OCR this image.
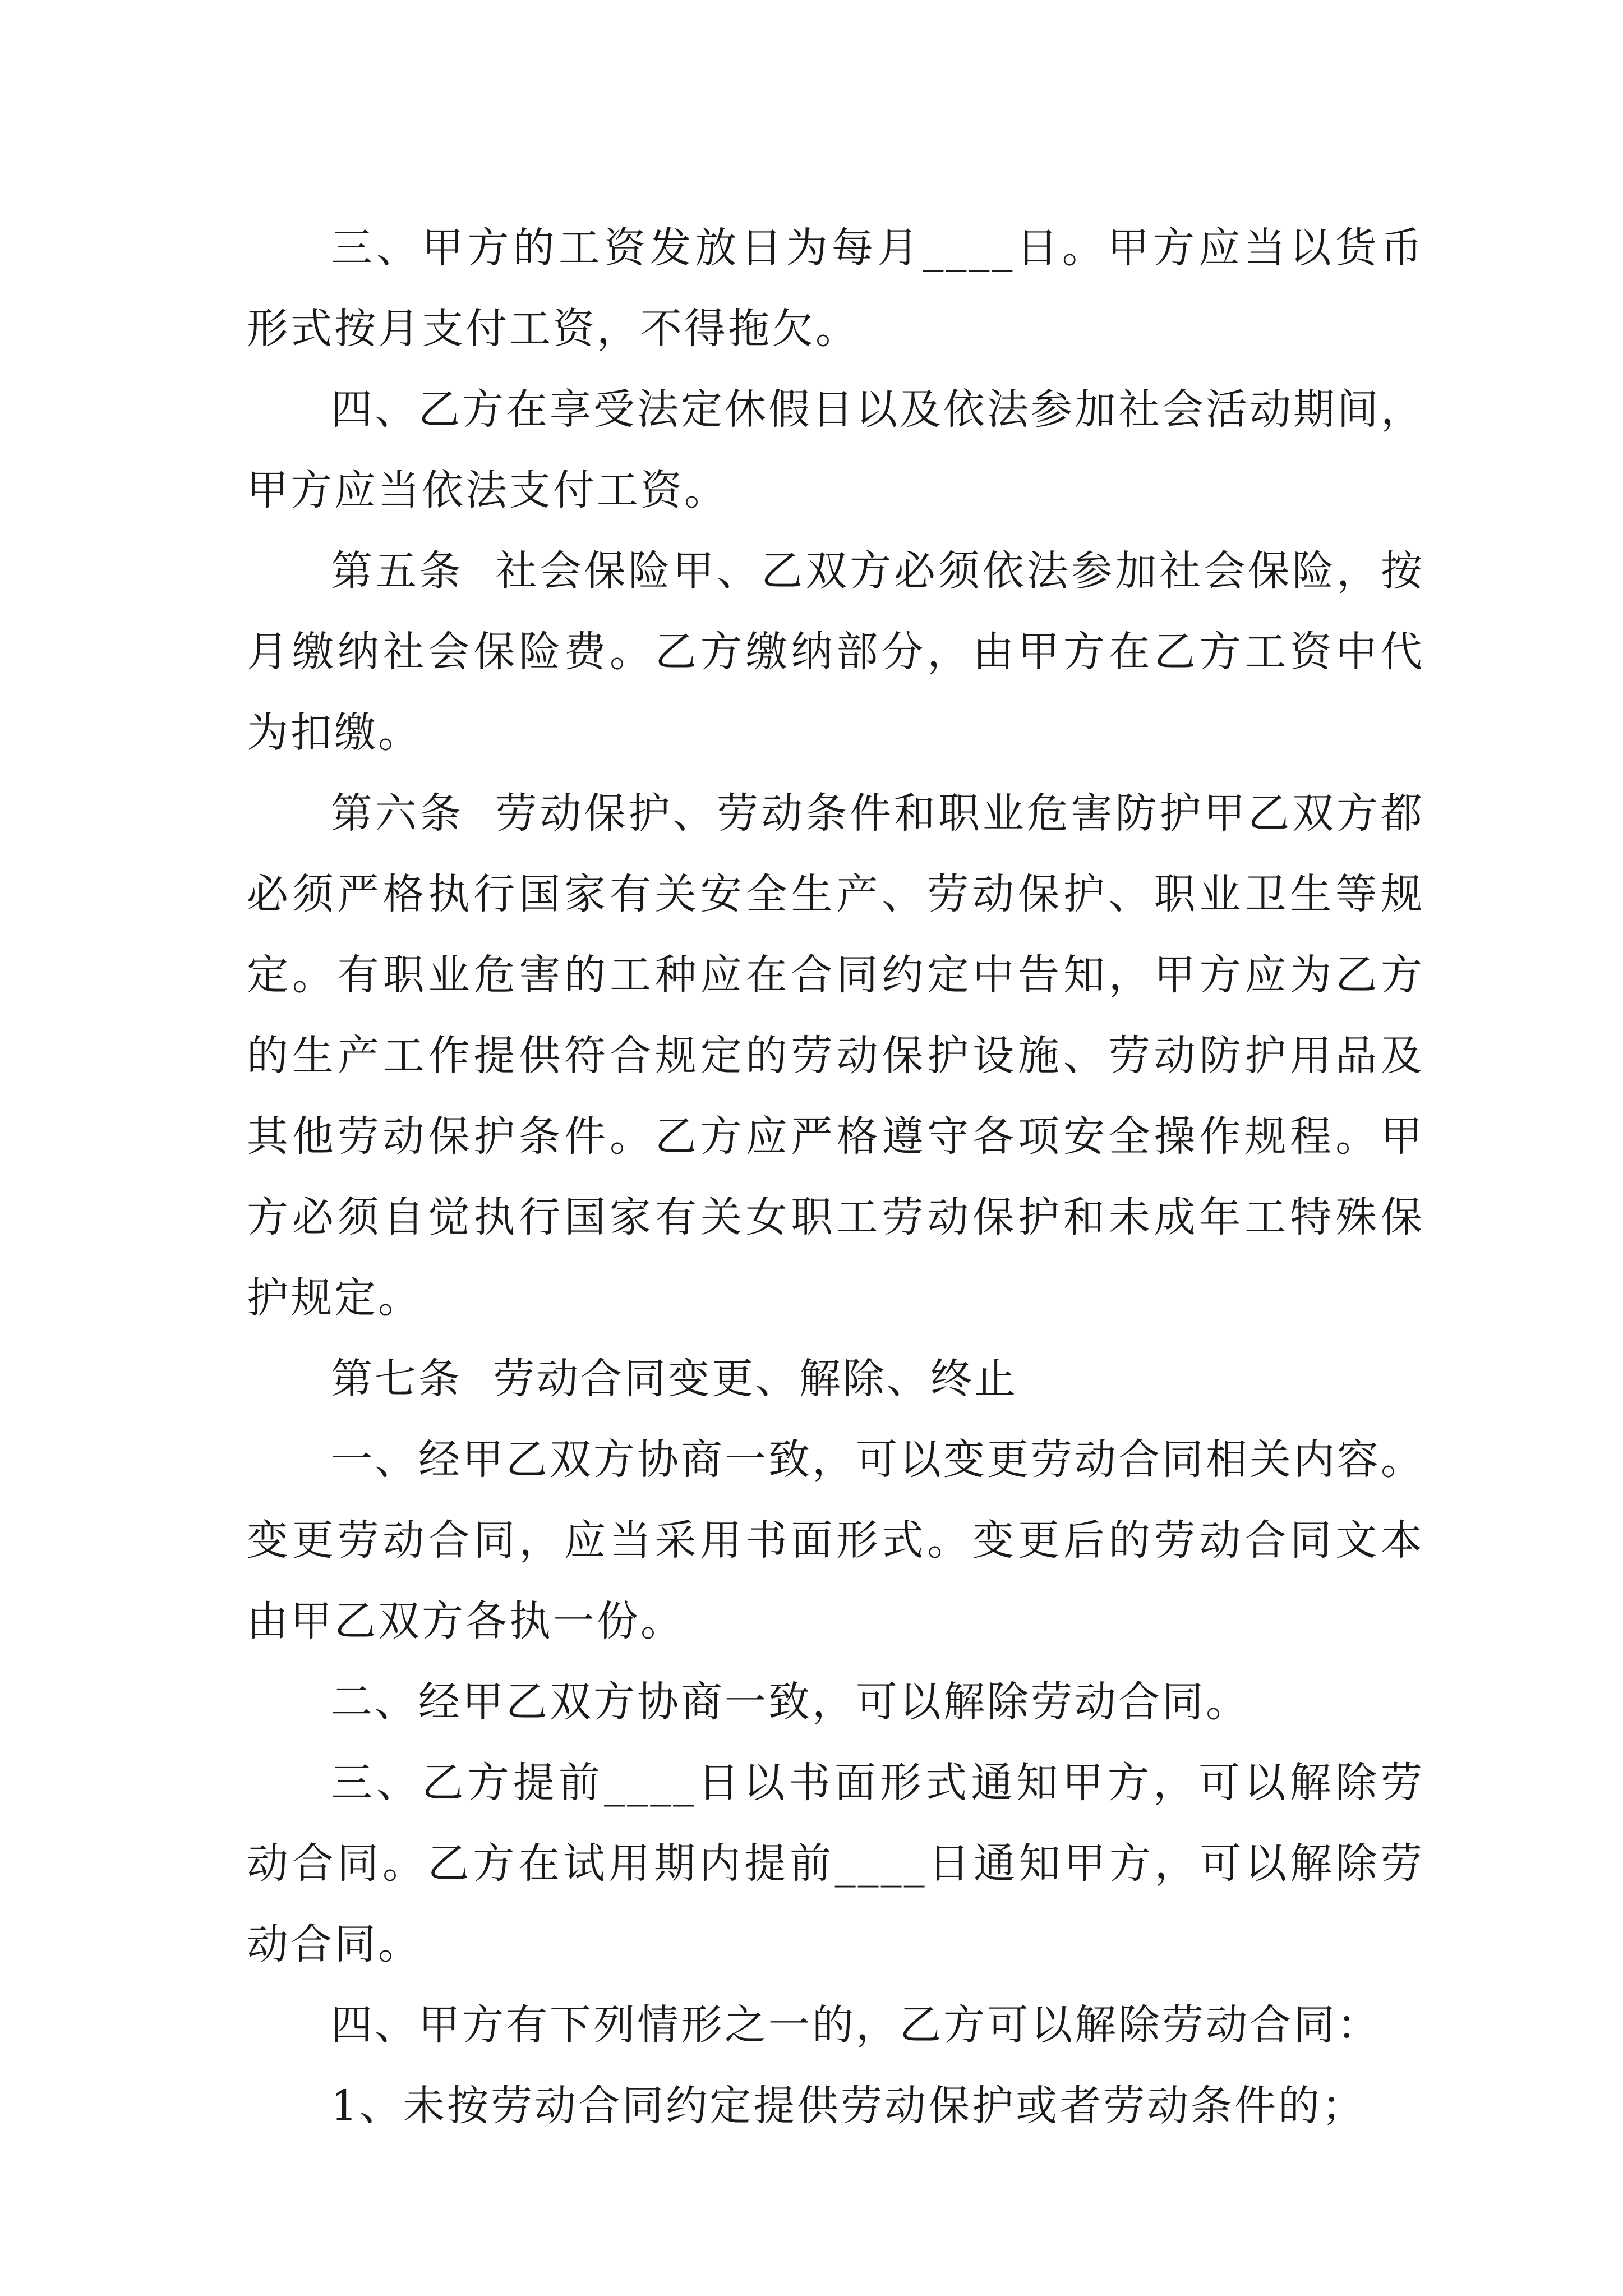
三、甲方的工资发放日为每月____日。甲方应当以货币形式按月支付工资，不得拖欠。

四、乙方在享受法定休假日以及依法参加社会活动期间，甲方应当依法支付工资。

第五条  社会保险甲、乙双方必须依法参加社会保险，按月缴纳社会保险费。乙方缴纳部分，由甲方在乙方工资中代为扣缴。

第六条  劳动保护、劳动条件和职业危害防护甲乙双方都必须严格执行国家有关安全生产、劳动保护、职业卫生等规定。有职业危害的工种应在合同约定中告知，甲方应为乙方的生产工作提供符合规定的劳动保护设施、劳动防护用品及其他劳动保护条件。乙方应严格遵守各项安全操作规程。甲方必须自觉执行国家有关女职工劳动保护和未成年工特殊保护规定。

第七条  劳动合同变更、解除、终止

一、经甲乙双方协商一致，可以变更劳动合同相关内容。变更劳动合同，应当采用书面形式。变更后的劳动合同文本由甲乙双方各执一份。

二、经甲乙双方协商一致，可以解除劳动合同。

三、乙方提前____日以书面形式通知甲方，可以解除劳动合同。乙方在试用期内提前____日通知甲方，可以解除劳动合同。

四、甲方有下列情形之一的，乙方可以解除劳动合同：

1、未按劳动合同约定提供劳动保护或者劳动条件的；
